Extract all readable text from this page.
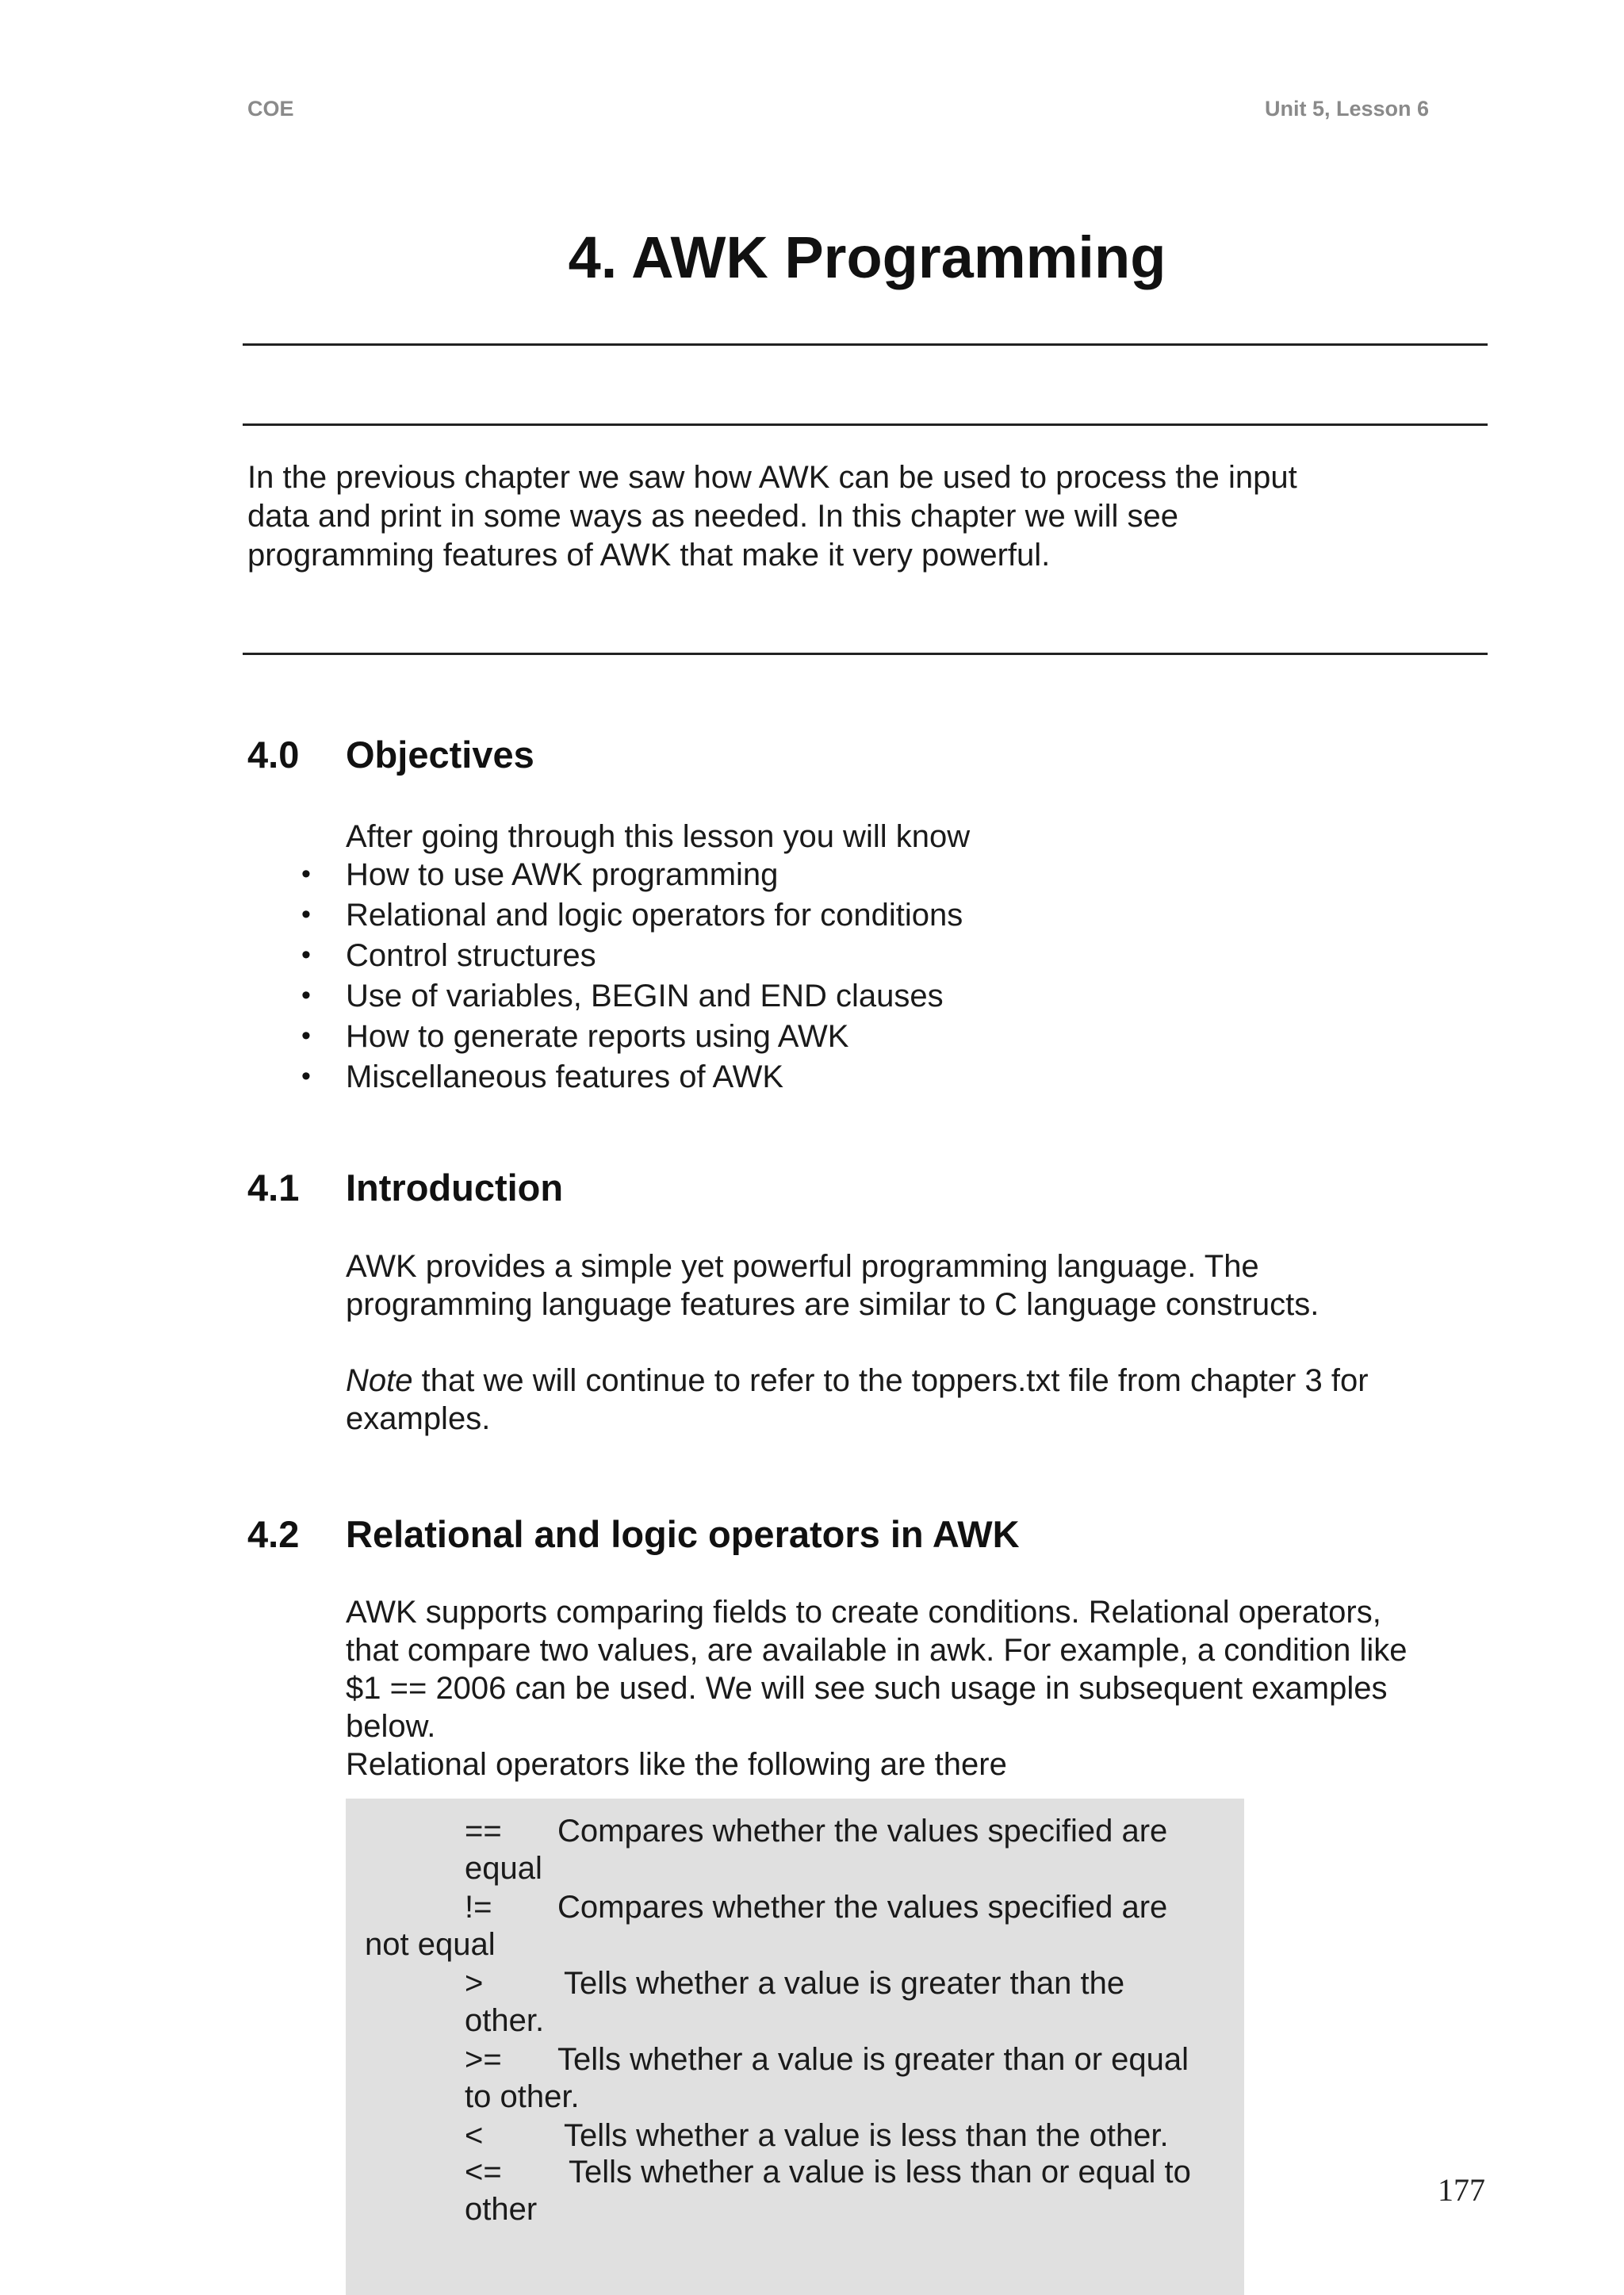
COE	Unit 5, Lesson 6
4. AWK Programming
In the previous chapter we saw how AWK can be used to process the input
data and print in some ways as needed. In this chapter we will see
programming features of AWK that make it very powerful.
4.0 Objectives
After going through this lesson you will know
• How to use AWK programming
• Relational and logic operators for conditions
• Control structures
• Use of variables, BEGIN and END clauses
• How to generate reports using AWK
• Miscellaneous features of AWK
4.1 Introduction
AWK provides a simple yet powerful programming language. The
programming language features are similar to C language constructs.
Note that we will continue to refer to the toppers.txt file from chapter 3 for
examples.
4.2 Relational and logic operators in AWK
AWK supports comparing fields to create conditions. Relational operators,
that compare two values, are available in awk. For example, a condition like
$1 == 2006 can be used. We will see such usage in subsequent examples
below.
Relational operators like the following are there
== Compares whether the values specified are
equal
!= Compares whether the values specified are
not equal
>	Tells whether a value is greater than the
other.
>= Tells whether a value is greater than or equal
to other.
<	Tells whether a value is less than the other.
<= Tells whether a value is less than or equal to
other
177
